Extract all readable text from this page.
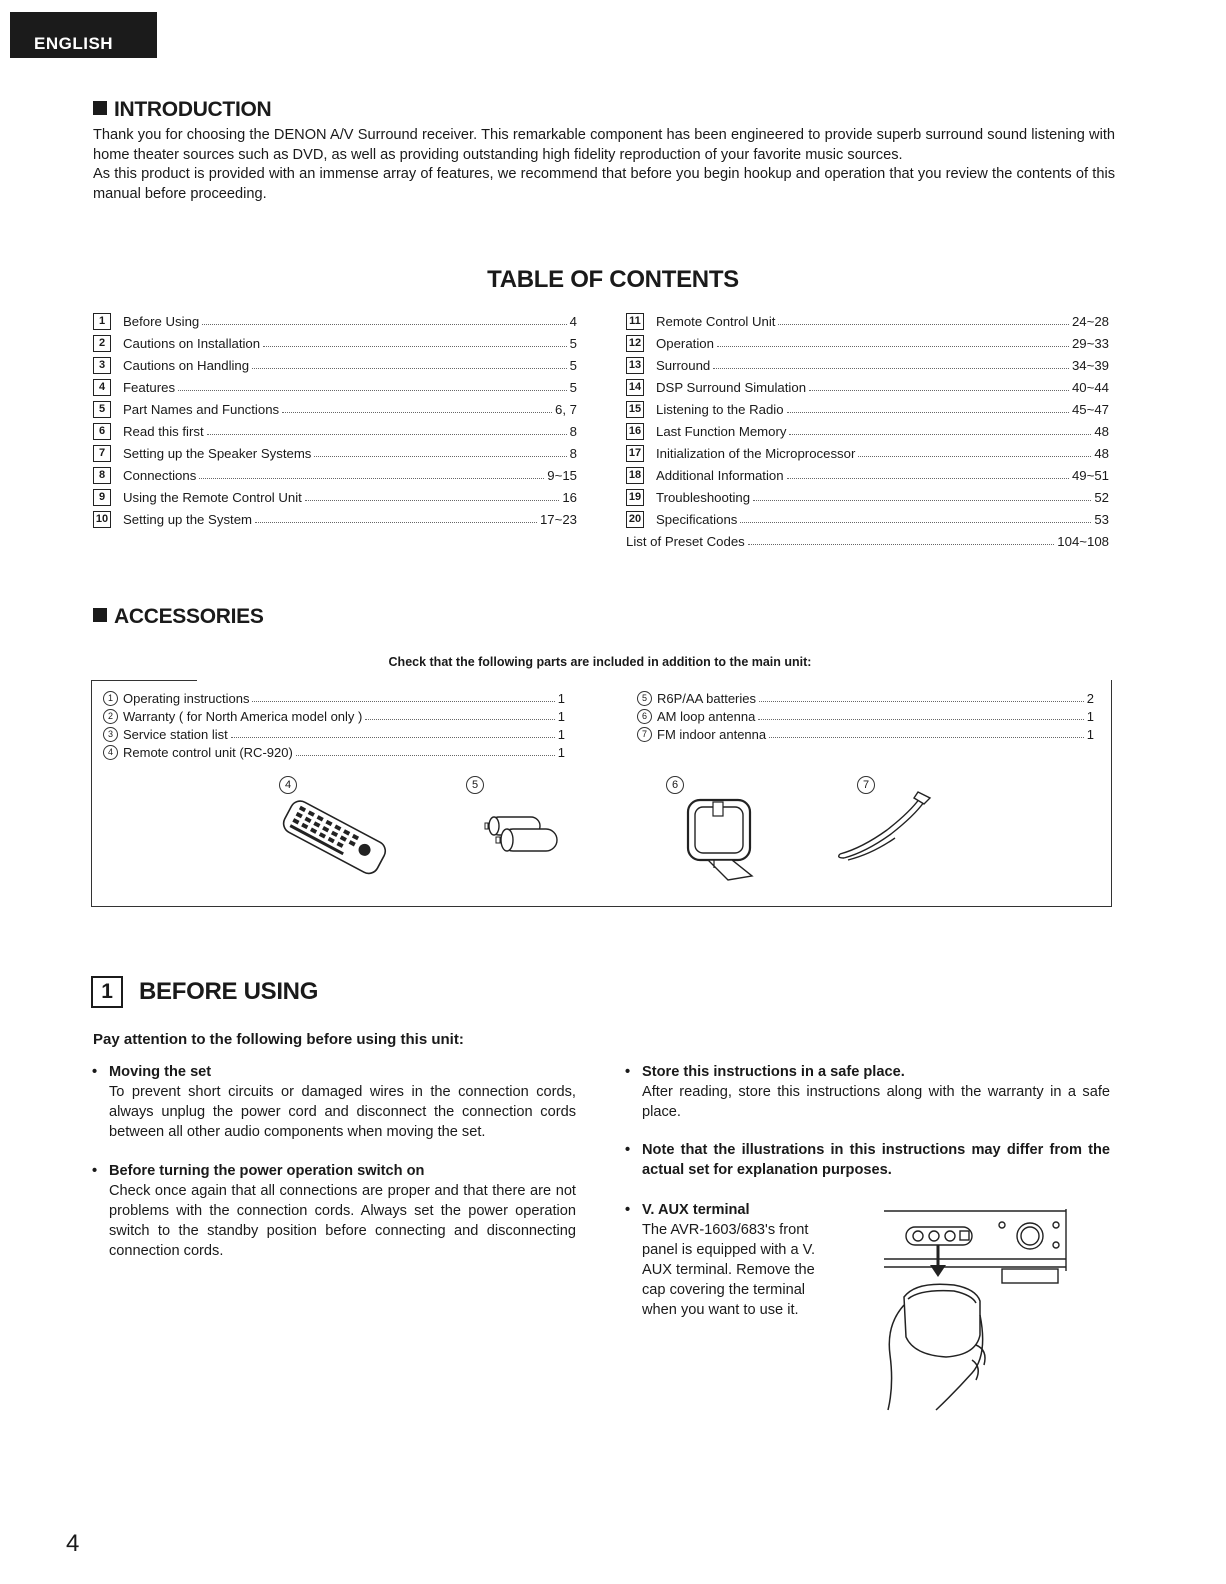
ENGLISH
INTRODUCTION

Thank you for choosing the DENON A/V Surround receiver. This remarkable component has been engineered to provide superb surround sound listening with home theater sources such as DVD, as well as providing outstanding high fidelity reproduction of your favorite music sources.

As this product is provided with an immense array of features, we recommend that before you begin hookup and operation that you review the contents of this manual before proceeding.

TABLE OF CONTENTS
1	Before Using	4
2	Cautions on Installation	5
3	Cautions on Handling	5
4	Features	5
5	Part Names and Functions	6, 7
6	Read this first	8
7	Setting up the Speaker Systems	8
8	Connections	9~15
9	Using the Remote Control Unit	16
10 Setting up the System	17~23
11 Remote Control Unit	24~28
12 Operation	29~33
13 Surround	34~39
14 DSP Surround Simulation	40~44
15 Listening to the Radio	45~47
16 Last Function Memory	48
17 Initialization of the Microprocessor	48
18 Additional Information	49~51
19 Troubleshooting	52
20 Specifications	53
List of Preset Codes	104~108
ACCESSORIES
Check that the following parts are included in addition to the main unit:
1 Operating instructions	1
2 Warranty ( for North America model only )	1
3 Service station list	1
4 Remote control unit (RC-920)	1
5 R6P/AA batteries	2
6 AM loop antenna	1
7 FM indoor antenna	1
4	5	6	7
1	BEFORE USING
Pay attention to the following before using this unit:
• Moving the set
To prevent short circuits or damaged wires in the connection cords, always unplug the power cord and disconnect the connection cords between all other audio components when moving the set.
• Before turning the power operation switch on
Check once again that all connections are proper and that there are not problems with the connection cords. Always set the power operation switch to the standby position before connecting and disconnecting connection cords.
• Store this instructions in a safe place.
After reading, store this instructions along with the warranty in a safe place.
• Note that the illustrations in this instructions may differ from the actual set for explanation purposes.
• V. AUX terminal
The AVR-1603/683's front panel is equipped with a V. AUX terminal. Remove the cap covering the terminal when you want to use it.
4
